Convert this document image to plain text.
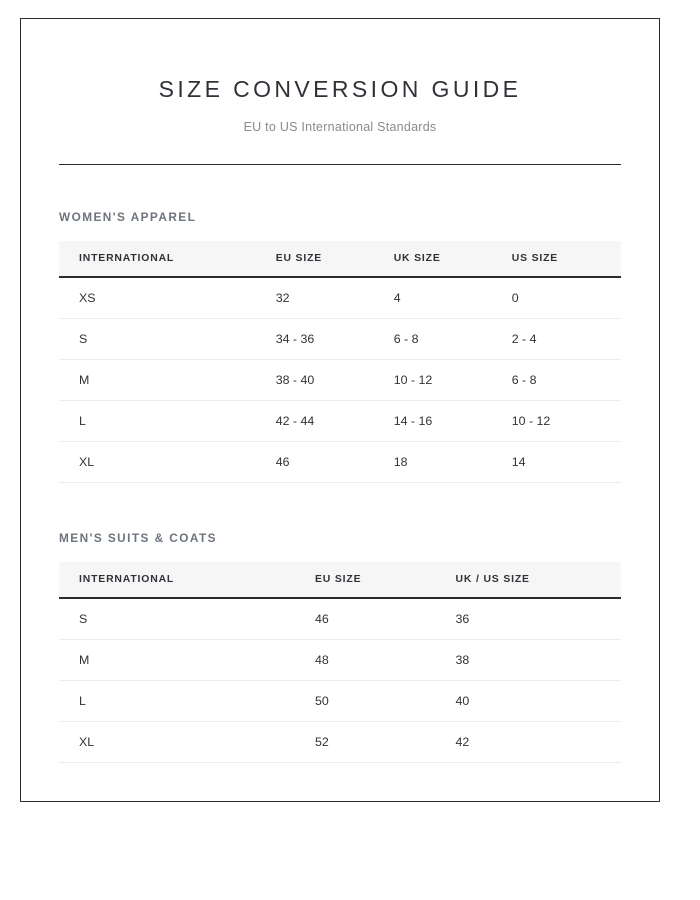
SIZE CONVERSION GUIDE

EU to US International Standards

WOMEN'S APPAREL
INTERNATIONAL	EU SIZE	UK SIZE	US SIZE
XS	32	4	0
S	34 - 36	6 - 8	2 - 4
M	38 - 40	10 - 12	6 - 8
L	42 - 44	14 - 16	10 - 12
XL	46	18	14
MEN'S SUITS & COATS
INTERNATIONAL	EU SIZE	UK / US SIZE
S	46	36
M	48	38
L	50	40
XL	52	42
